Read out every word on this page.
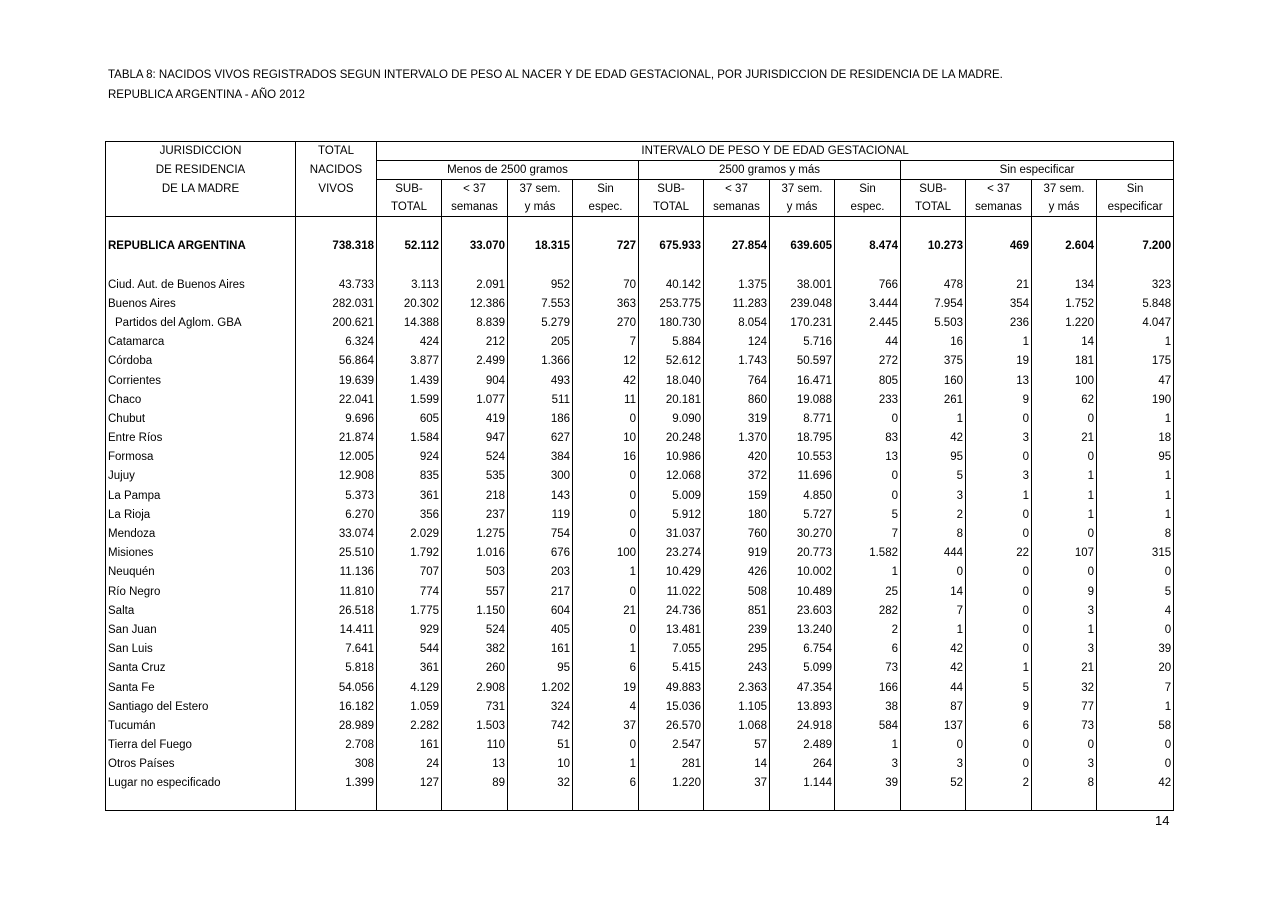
TABLA 8: NACIDOS VIVOS REGISTRADOS SEGUN INTERVALO DE PESO AL NACER Y DE EDAD GESTACIONAL, POR JURISDICCION DE RESIDENCIA DE LA MADRE.
REPUBLICA ARGENTINA - AÑO 2012
JURISDICCION	TOTAL	INTERVALO DE PESO Y DE EDAD GESTACIONAL											
DE RESIDENCIA	NACIDOS	Menos de 2500 gramos				2500 gramos y más				Sin especificar			
DE LA MADRE	VIVOS	SUB-	< 37	37 sem.	Sin	SUB-	< 37	37 sem.	Sin	SUB-	< 37	37 sem.	Sin
		TOTAL	semanas	y más	espec.	TOTAL	semanas	y más	espec.	TOTAL	semanas	y más	especificar

REPUBLICA ARGENTINA	738.318	52.112	33.070	18.315	727	675.933	27.854	639.605	8.474	10.273	469	2.604	7.200

Ciud. Aut. de Buenos Aires	43.733	3.113	2.091	952	70	40.142	1.375	38.001	766	478	21	134	323
Buenos Aires	282.031	20.302	12.386	7.553	363	253.775	11.283	239.048	3.444	7.954	354	1.752	5.848
Partidos del Aglom. GBA	200.621	14.388	8.839	5.279	270	180.730	8.054	170.231	2.445	5.503	236	1.220	4.047
Catamarca	6.324	424	212	205	7	5.884	124	5.716	44	16	1	14	1
Córdoba	56.864	3.877	2.499	1.366	12	52.612	1.743	50.597	272	375	19	181	175
Corrientes	19.639	1.439	904	493	42	18.040	764	16.471	805	160	13	100	47
Chaco	22.041	1.599	1.077	511	11	20.181	860	19.088	233	261	9	62	190
Chubut	9.696	605	419	186	0	9.090	319	8.771	0	1	0	0	1
Entre Ríos	21.874	1.584	947	627	10	20.248	1.370	18.795	83	42	3	21	18
Formosa	12.005	924	524	384	16	10.986	420	10.553	13	95	0	0	95
Jujuy	12.908	835	535	300	0	12.068	372	11.696	0	5	3	1	1
La Pampa	5.373	361	218	143	0	5.009	159	4.850	0	3	1	1	1
La Rioja	6.270	356	237	119	0	5.912	180	5.727	5	2	0	1	1
Mendoza	33.074	2.029	1.275	754	0	31.037	760	30.270	7	8	0	0	8
Misiones	25.510	1.792	1.016	676	100	23.274	919	20.773	1.582	444	22	107	315
Neuquén	11.136	707	503	203	1	10.429	426	10.002	1	0	0	0	0
Río Negro	11.810	774	557	217	0	11.022	508	10.489	25	14	0	9	5
Salta	26.518	1.775	1.150	604	21	24.736	851	23.603	282	7	0	3	4
San Juan	14.411	929	524	405	0	13.481	239	13.240	2	1	0	1	0
San Luis	7.641	544	382	161	1	7.055	295	6.754	6	42	0	3	39
Santa Cruz	5.818	361	260	95	6	5.415	243	5.099	73	42	1	21	20
Santa Fe	54.056	4.129	2.908	1.202	19	49.883	2.363	47.354	166	44	5	32	7
Santiago del Estero	16.182	1.059	731	324	4	15.036	1.105	13.893	38	87	9	77	1
Tucumán	28.989	2.282	1.503	742	37	26.570	1.068	24.918	584	137	6	73	58
Tierra del Fuego	2.708	161	110	51	0	2.547	57	2.489	1	0	0	0	0
Otros Países	308	24	13	10	1	281	14	264	3	3	0	3	0
Lugar no especificado	1.399	127	89	32	6	1.220	37	1.144	39	52	2	8	42

14
